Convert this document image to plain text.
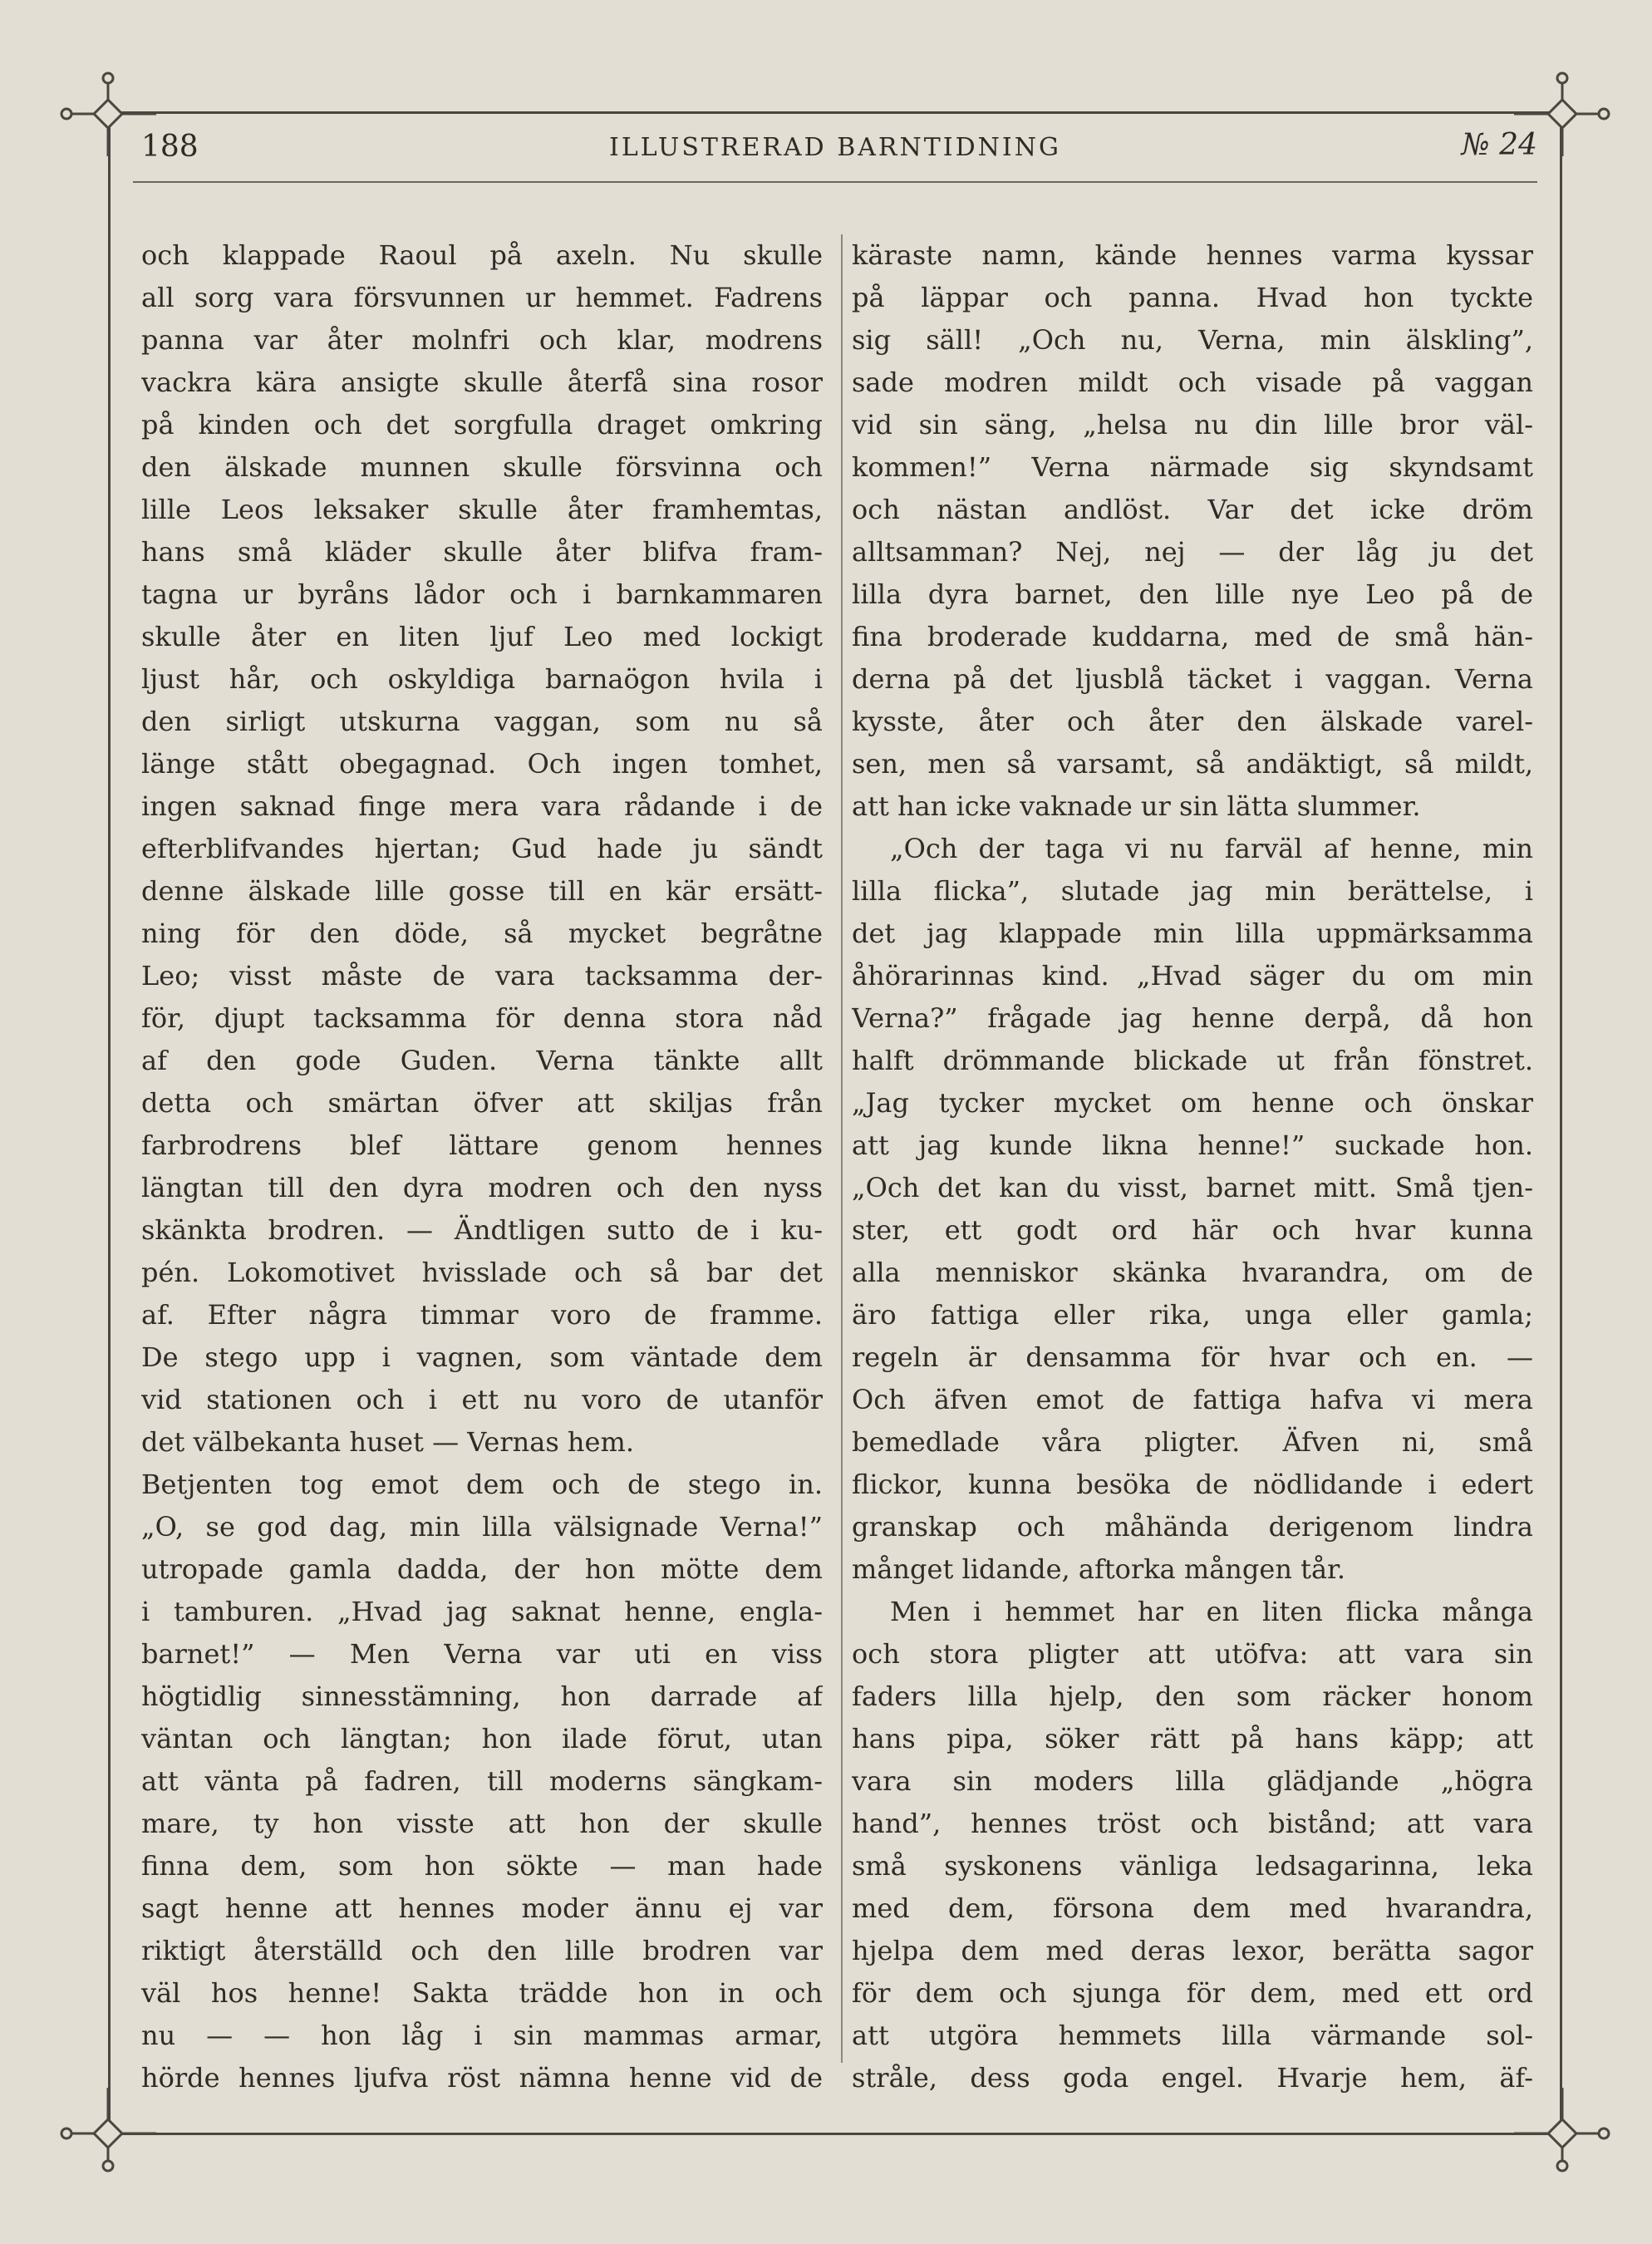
188	ILLUSTRERAD BARNTIDNING	№ 24
och klappade Raoul på axeln. Nu skulle
all sorg vara försvunnen ur hemmet. Fadrens
panna var åter molnfri och klar, modrens
vackra kära ansigte skulle återfå sina rosor
på kinden och det sorgfulla draget omkring
den älskade munnen skulle försvinna och
lille Leos leksaker skulle åter framhemtas,
hans små kläder skulle åter blifva fram-
tagna ur byråns lådor och i barnkammaren
skulle åter en liten ljuf Leo med lockigt
ljust hår, och oskyldiga barnaögon hvila i
den sirligt utskurna vaggan, som nu så
länge stått obegagnad. Och ingen tomhet,
ingen saknad finge mera vara rådande i de
efterblifvandes hjertan; Gud hade ju sändt
denne älskade lille gosse till en kär ersätt-
ning för den döde, så mycket begråtne
Leo; visst måste de vara tacksamma der-
för, djupt tacksamma för denna stora nåd
af den gode Guden. Verna tänkte allt
detta och smärtan öfver att skiljas från
farbrodrens blef lättare genom hennes
längtan till den dyra modren och den nyss
skänkta brodren. — Ändtligen sutto de i ku-
pén. Lokomotivet hvisslade och så bar det
af. Efter några timmar voro de framme.
De stego upp i vagnen, som väntade dem
vid stationen och i ett nu voro de utanför
det välbekanta huset — Vernas hem.
Betjenten tog emot dem och de stego in.
„O, se god dag, min lilla välsignade Verna!”
utropade gamla dadda, der hon mötte dem
i tamburen. „Hvad jag saknat henne, engla-
barnet!” — Men Verna var uti en viss
högtidlig sinnesstämning, hon darrade af
väntan och längtan; hon ilade förut, utan
att vänta på fadren, till moderns sängkam-
mare, ty hon visste att hon der skulle
finna dem, som hon sökte — man hade
sagt henne att hennes moder ännu ej var
riktigt återställd och den lille brodren var
väl hos henne! Sakta trädde hon in och
nu — — hon låg i sin mammas armar,
hörde hennes ljufva röst nämna henne vid de
käraste namn, kände hennes varma kyssar
på läppar och panna. Hvad hon tyckte
sig säll! „Och nu, Verna, min älskling”,
sade modren mildt och visade på vaggan
vid sin säng, „helsa nu din lille bror väl-
kommen!” Verna närmade sig skyndsamt
och nästan andlöst. Var det icke dröm
alltsamman? Nej, nej — der låg ju det
lilla dyra barnet, den lille nye Leo på de
fina broderade kuddarna, med de små hän-
derna på det ljusblå täcket i vaggan. Verna
kysste, åter och åter den älskade varel-
sen, men så varsamt, så andäktigt, så mildt,
att han icke vaknade ur sin lätta slummer.
„Och der taga vi nu farväl af henne, min
lilla flicka”, slutade jag min berättelse, i
det jag klappade min lilla uppmärksamma
åhörarinnas kind. „Hvad säger du om min
Verna?” frågade jag henne derpå, då hon
halft drömmande blickade ut från fönstret.
„Jag tycker mycket om henne och önskar
att jag kunde likna henne!” suckade hon.
„Och det kan du visst, barnet mitt. Små tjen-
ster, ett godt ord här och hvar kunna
alla menniskor skänka hvarandra, om de
äro fattiga eller rika, unga eller gamla;
regeln är densamma för hvar och en. —
Och äfven emot de fattiga hafva vi mera
bemedlade våra pligter. Äfven ni, små
flickor, kunna besöka de nödlidande i edert
granskap och måhända derigenom lindra
månget lidande, aftorka mången tår.
Men i hemmet har en liten flicka många
och stora pligter att utöfva: att vara sin
faders lilla hjelp, den som räcker honom
hans pipa, söker rätt på hans käpp; att
vara sin moders lilla glädjande „högra
hand”, hennes tröst och bistånd; att vara
små syskonens vänliga ledsagarinna, leka
med dem, försona dem med hvarandra,
hjelpa dem med deras lexor, berätta sagor
för dem och sjunga för dem, med ett ord
att utgöra hemmets lilla värmande sol-
stråle, dess goda engel. Hvarje hem, äf-
